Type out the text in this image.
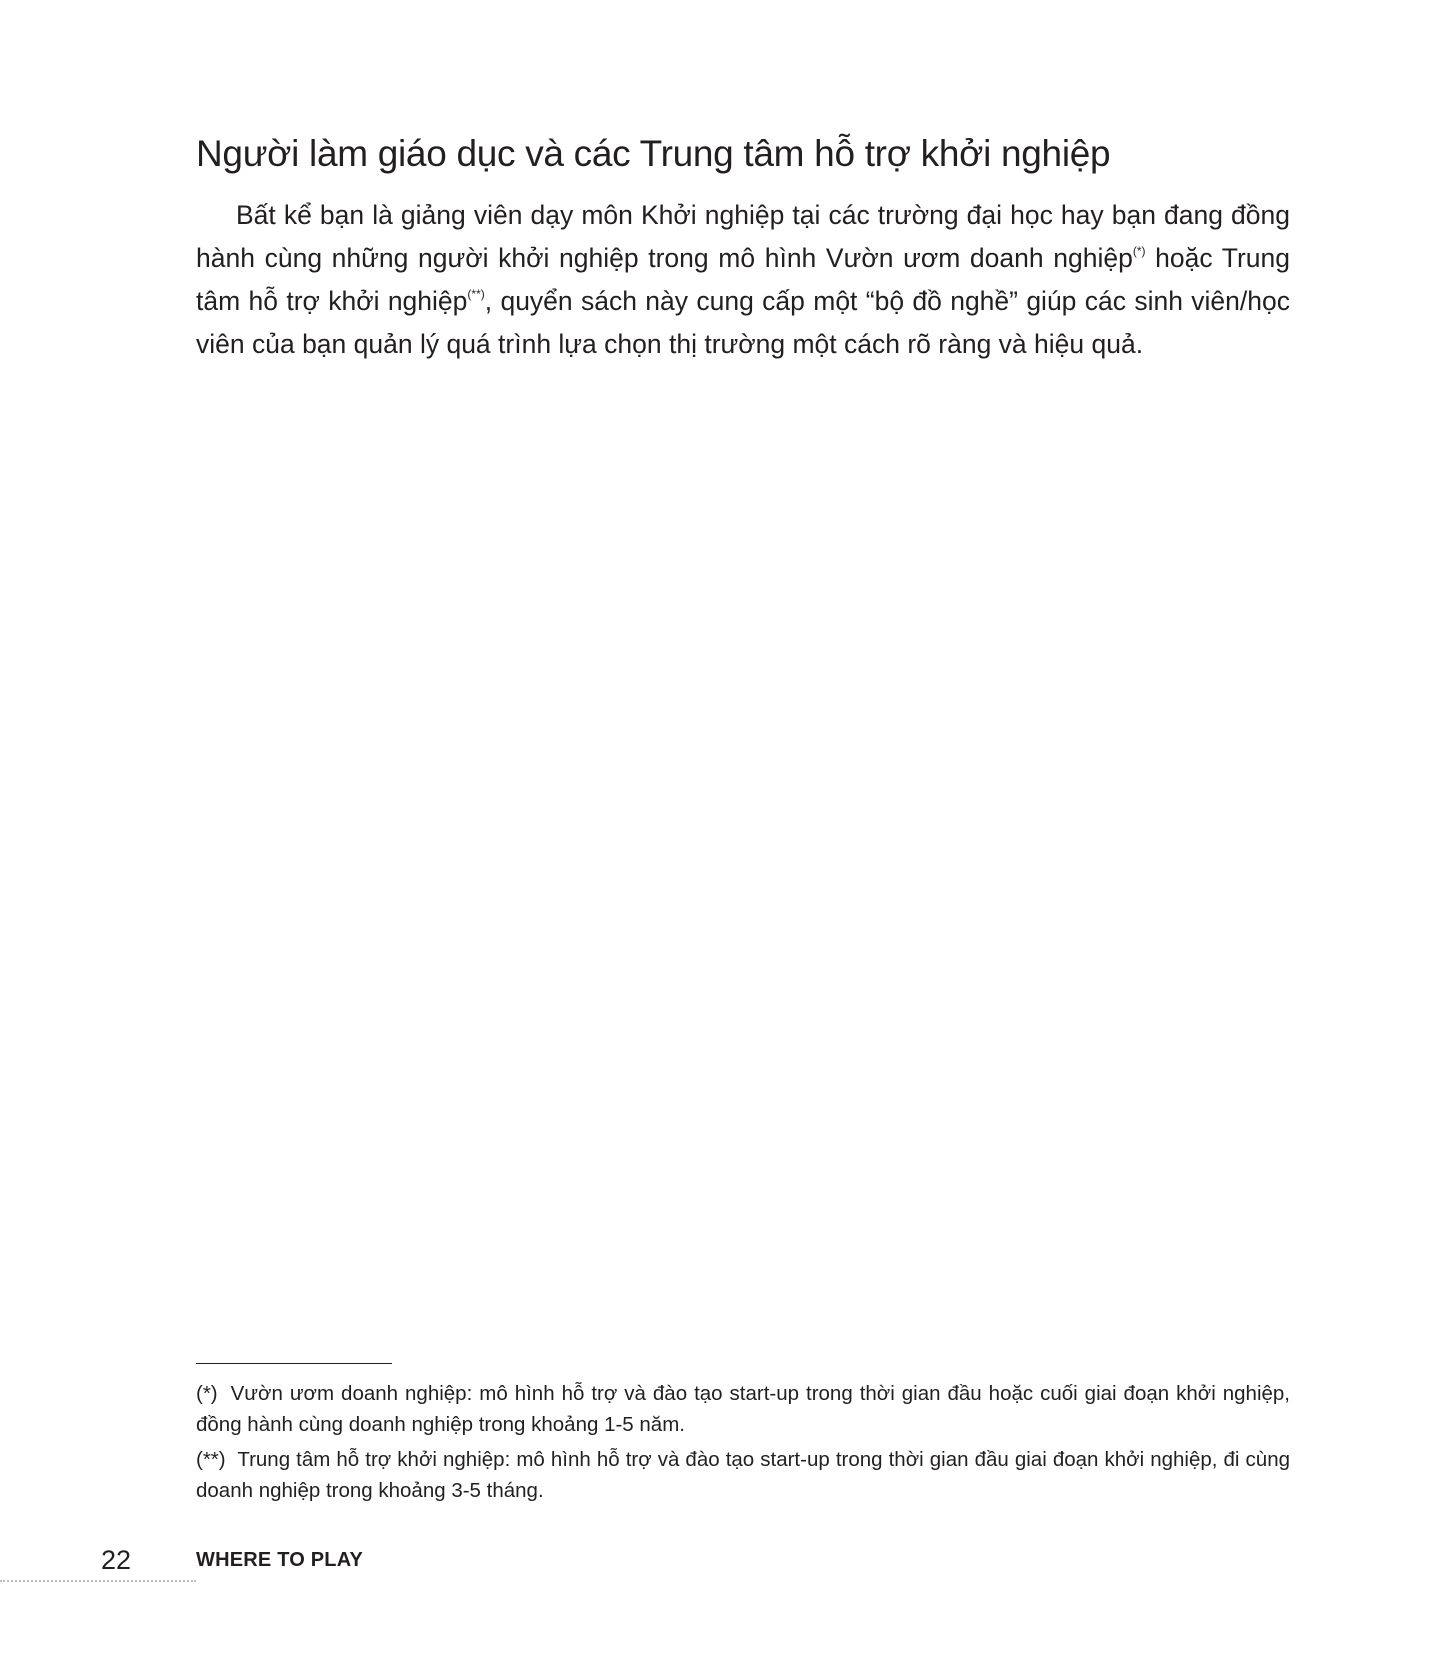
Người làm giáo dục và các Trung tâm hỗ trợ khởi nghiệp

Bất kể bạn là giảng viên dạy môn Khởi nghiệp tại các trường đại học hay bạn đang đồng hành cùng những người khởi nghiệp trong mô hình Vườn ươm doanh nghiệp(*) hoặc Trung tâm hỗ trợ khởi nghiệp(**), quyển sách này cung cấp một “bộ đồ nghề” giúp các sinh viên/học viên của bạn quản lý quá trình lựa chọn thị trường một cách rõ ràng và hiệu quả.

(*) Vườn ươm doanh nghiệp: mô hình hỗ trợ và đào tạo start-up trong thời gian đầu hoặc cuối giai đoạn khởi nghiệp, đồng hành cùng doanh nghiệp trong khoảng 1-5 năm.

(**) Trung tâm hỗ trợ khởi nghiệp: mô hình hỗ trợ và đào tạo start-up trong thời gian đầu giai đoạn khởi nghiệp, đi cùng doanh nghiệp trong khoảng 3-5 tháng.

22	WHERE TO PLAY
